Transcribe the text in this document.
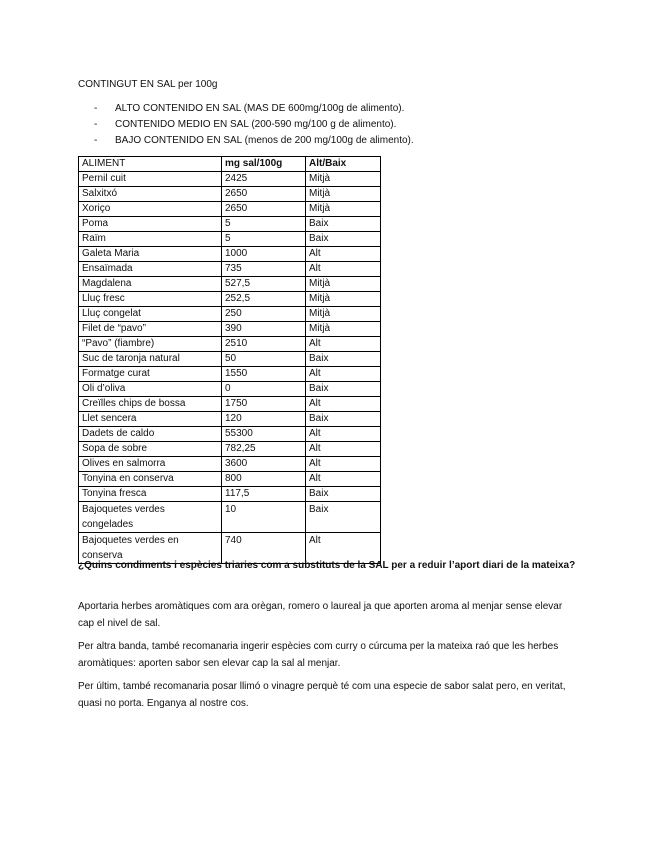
CONTINGUT EN SAL per 100g
- ALTO CONTENIDO EN SAL (MAS DE 600mg/100g de alimento).
- CONTENIDO MEDIO EN SAL (200-590 mg/100 g de alimento).
- BAJO CONTENIDO EN SAL (menos de 200 mg/100g de alimento).
ALIMENT	mg sal/100g	Alt/Baix
Pernil cuit	2425	Mitjà
Salxitxó	2650	Mitjà
Xoriço	2650	Mitjà
Poma	5	Baix
Raïm	5	Baix
Galeta Maria	1000	Alt
Ensaïmada	735	Alt
Magdalena	527,5	Mitjà
Lluç fresc	252,5	Mitjà
Lluç congelat	250	Mitjà
Filet de “pavo”	390	Mitjà
“Pavo” (fiambre)	2510	Alt
Suc de taronja natural	50	Baix
Formatge curat	1550	Alt
Oli d’oliva	0	Baix
Creïlles chips de bossa	1750	Alt
Llet sencera	120	Baix
Dadets de caldo	55300	Alt
Sopa de sobre	782,25	Alt
Olives en salmorra	3600	Alt
Tonyina en conserva	800	Alt
Tonyina fresca	117,5	Baix
Bajoquetes verdes congelades	10	Baix
Bajoquetes verdes en conserva	740	Alt
¿Quins condiments i espècies triaries com a substituts de la SAL per a reduir l’aport diari de la mateixa?

Aportaria herbes aromàtiques com ara orègan, romero o laureal ja que aporten aroma al menjar sense elevar cap el nivel de sal.

Per altra banda, també recomanaria ingerir espècies com curry o cúrcuma per la mateixa raó que les herbes aromàtiques: aporten sabor sen elevar cap la sal al menjar.

Per últim, també recomanaria posar llimó o vinagre perquè té com una especie de sabor salat pero, en veritat, quasi no porta. Enganya al nostre cos.
